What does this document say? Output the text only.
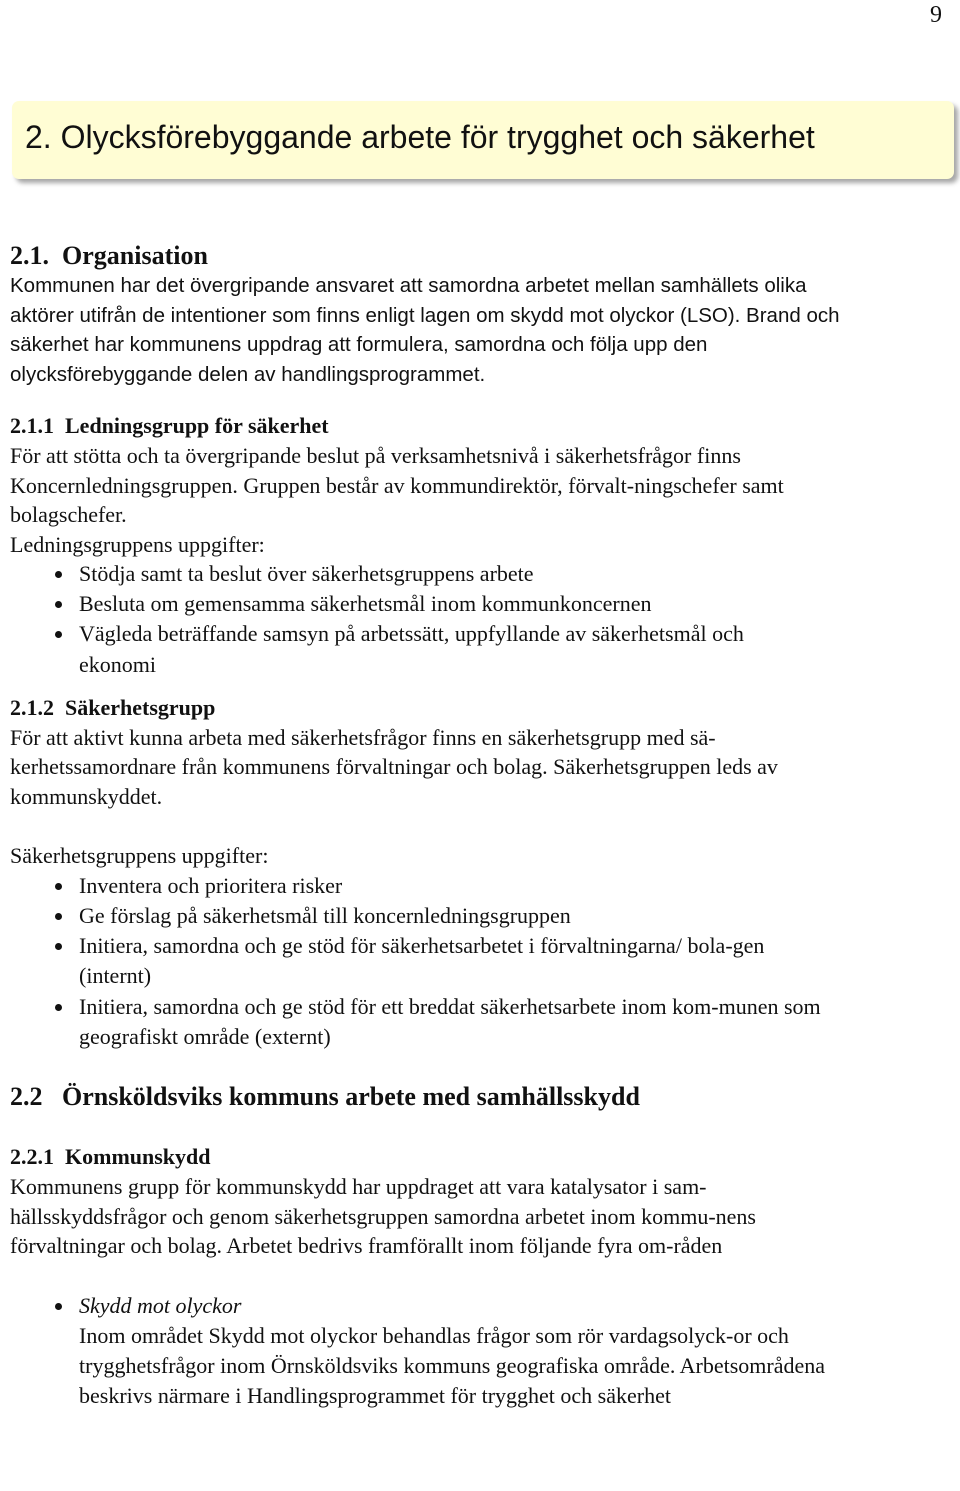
9
2. Olycksförebyggande arbete för trygghet och säkerhet

2.1.  Organisation

Kommunen har det övergripande ansvaret att samordna arbetet mellan samhällets olika aktörer utifrån de intentioner som finns enligt lagen om skydd mot olyckor (LSO). Brand och säkerhet har kommunens uppdrag att formulera, samordna och följa upp den olycksförebyggande delen av handlingsprogrammet.

2.1.1  Ledningsgrupp för säkerhet

För att stötta och ta övergripande beslut på verksamhetsnivå i säkerhetsfrågor finns Koncernledningsgruppen. Gruppen består av kommundirektör, förvalt-ningschefer samt bolagschefer.

Ledningsgruppens uppgifter:

Stödja samt ta beslut över säkerhetsgruppens arbete
Besluta om gemensamma säkerhetsmål inom kommunkoncernen
Vägleda beträffande samsyn på arbetssätt, uppfyllande av säkerhetsmål och ekonomi

2.1.2  Säkerhetsgrupp

För att aktivt kunna arbeta med säkerhetsfrågor finns en säkerhetsgrupp med sä-kerhetssamordnare från kommunens förvaltningar och bolag. Säkerhetsgruppen leds av kommunskyddet.

Säkerhetsgruppens uppgifter:

Inventera och prioritera risker
Ge förslag på säkerhetsmål till koncernledningsgruppen
Initiera, samordna och ge stöd för säkerhetsarbetet i förvaltningarna/ bola-gen (internt)
Initiera, samordna och ge stöd för ett breddat säkerhetsarbete inom kom-munen som geografiskt område (externt)

2.2   Örnsköldsviks kommuns arbete med samhällsskydd

2.2.1  Kommunskydd

Kommunens grupp för kommunskydd har uppdraget att vara katalysator i sam-hällsskyddsfrågor och genom säkerhetsgruppen samordna arbetet inom kommu-nens förvaltningar och bolag. Arbetet bedrivs framförallt inom följande fyra om-råden

Skydd mot olyckor
Inom området Skydd mot olyckor behandlas frågor som rör vardagsolyck-or och trygghetsfrågor inom Örnsköldsviks kommuns geografiska område. Arbetsområdena beskrivs närmare i Handlingsprogrammet för trygghet och säkerhet
